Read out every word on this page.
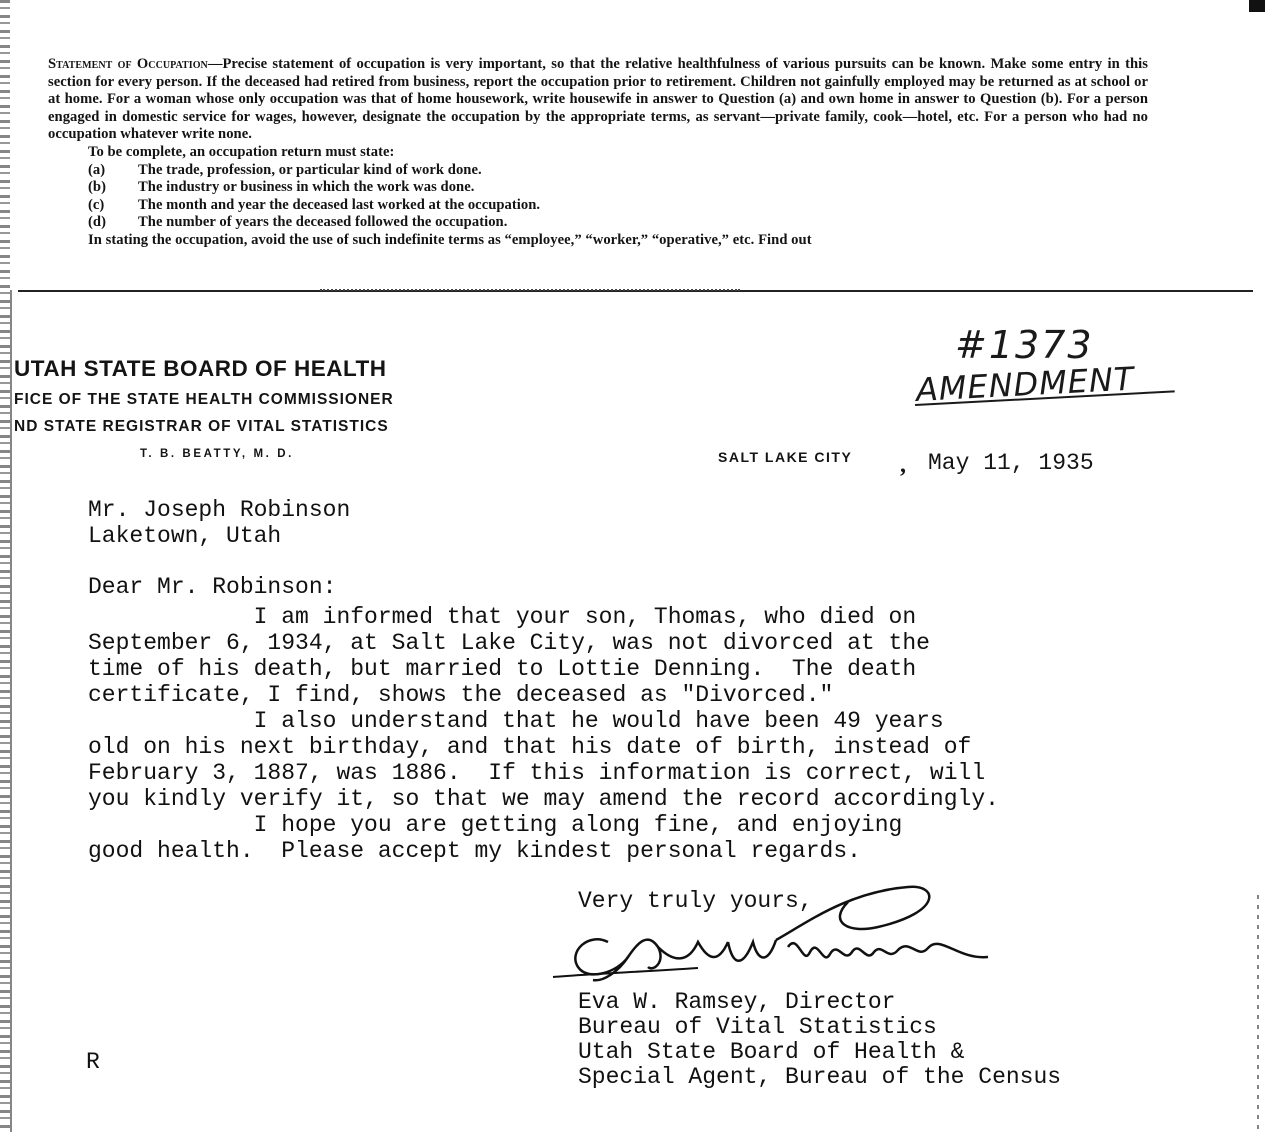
Statement of Occupation—Precise statement of occupation is very important, so that the relative healthfulness of various pursuits can be known. Make some entry in this section for every person. If the deceased had retired from business, report the occupation prior to retirement. Children not gainfully employed may be returned as at school or at home. For a woman whose only occupation was that of home housework, write housewife in answer to Question (a) and own home in answer to Question (b). For a person engaged in domestic service for wages, however, designate the occupation by the appropriate terms, as servant—private family, cook—hotel, etc. For a person who had no occupation whatever write none.

To be complete, an occupation return must state:
(a) The trade, profession, or particular kind of work done.
(b) The industry or business in which the work was done.
(c) The month and year the deceased last worked at the occupation.
(d) The number of years the deceased followed the occupation.
In stating the occupation, avoid the use of such indefinite terms as “employee,” “worker,” “operative,” etc. Find out
UTAH STATE BOARD OF HEALTH
FICE OF THE STATE HEALTH COMMISSIONER
ND STATE REGISTRAR OF VITAL STATISTICS
T. B. BEATTY, M. D.	SALT LAKE CITY , May 11, 1935
#1373
AMENDMENT
Mr. Joseph Robinson
Laketown, Utah
Dear Mr. Robinson:
I am informed that your son, Thomas, who died on
September 6, 1934, at Salt Lake City, was not divorced at the
time of his death, but married to Lottie Denning.  The death
certificate, I find, shows the deceased as "Divorced."
I also understand that he would have been 49 years
old on his next birthday, and that his date of birth, instead of
February 3, 1887, was 1886.  If this information is correct, will
you kindly verify it, so that we may amend the record accordingly.
I hope you are getting along fine, and enjoying
good health.  Please accept my kindest personal regards.
Very truly yours,
Eva W. Ramsey, Director
Bureau of Vital Statistics
Utah State Board of Health &
Special Agent, Bureau of the Census
R
